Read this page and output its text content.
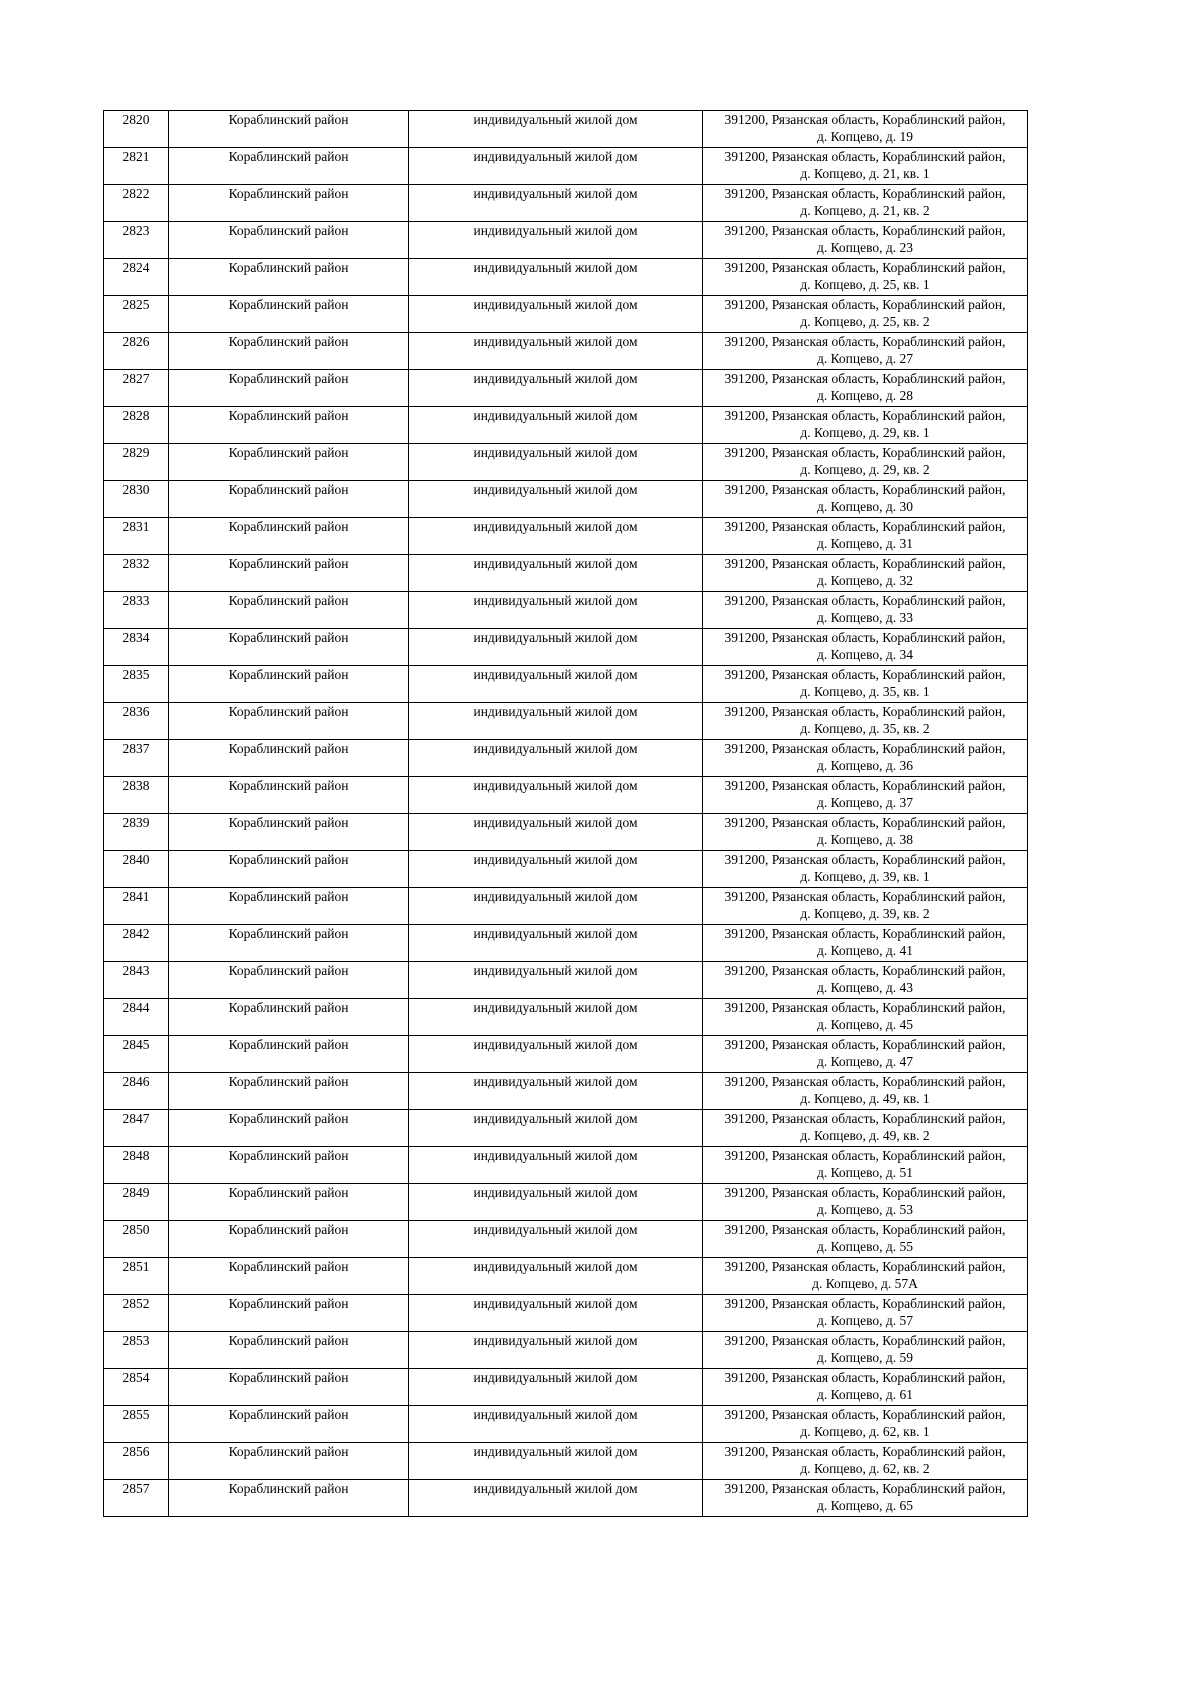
2820	Кораблинский район	индивидуальный жилой дом	391200, Рязанская область, Кораблинский район,
д. Копцево, д. 19
2821	Кораблинский район	индивидуальный жилой дом	391200, Рязанская область, Кораблинский район,
д. Копцево, д. 21, кв. 1
2822	Кораблинский район	индивидуальный жилой дом	391200, Рязанская область, Кораблинский район,
д. Копцево, д. 21, кв. 2
2823	Кораблинский район	индивидуальный жилой дом	391200, Рязанская область, Кораблинский район,
д. Копцево, д. 23
2824	Кораблинский район	индивидуальный жилой дом	391200, Рязанская область, Кораблинский район,
д. Копцево, д. 25, кв. 1
2825	Кораблинский район	индивидуальный жилой дом	391200, Рязанская область, Кораблинский район,
д. Копцево, д. 25, кв. 2
2826	Кораблинский район	индивидуальный жилой дом	391200, Рязанская область, Кораблинский район,
д. Копцево, д. 27
2827	Кораблинский район	индивидуальный жилой дом	391200, Рязанская область, Кораблинский район,
д. Копцево, д. 28
2828	Кораблинский район	индивидуальный жилой дом	391200, Рязанская область, Кораблинский район,
д. Копцево, д. 29, кв. 1
2829	Кораблинский район	индивидуальный жилой дом	391200, Рязанская область, Кораблинский район,
д. Копцево, д. 29, кв. 2
2830	Кораблинский район	индивидуальный жилой дом	391200, Рязанская область, Кораблинский район,
д. Копцево, д. 30
2831	Кораблинский район	индивидуальный жилой дом	391200, Рязанская область, Кораблинский район,
д. Копцево, д. 31
2832	Кораблинский район	индивидуальный жилой дом	391200, Рязанская область, Кораблинский район,
д. Копцево, д. 32
2833	Кораблинский район	индивидуальный жилой дом	391200, Рязанская область, Кораблинский район,
д. Копцево, д. 33
2834	Кораблинский район	индивидуальный жилой дом	391200, Рязанская область, Кораблинский район,
д. Копцево, д. 34
2835	Кораблинский район	индивидуальный жилой дом	391200, Рязанская область, Кораблинский район,
д. Копцево, д. 35, кв. 1
2836	Кораблинский район	индивидуальный жилой дом	391200, Рязанская область, Кораблинский район,
д. Копцево, д. 35, кв. 2
2837	Кораблинский район	индивидуальный жилой дом	391200, Рязанская область, Кораблинский район,
д. Копцево, д. 36
2838	Кораблинский район	индивидуальный жилой дом	391200, Рязанская область, Кораблинский район,
д. Копцево, д. 37
2839	Кораблинский район	индивидуальный жилой дом	391200, Рязанская область, Кораблинский район,
д. Копцево, д. 38
2840	Кораблинский район	индивидуальный жилой дом	391200, Рязанская область, Кораблинский район,
д. Копцево, д. 39, кв. 1
2841	Кораблинский район	индивидуальный жилой дом	391200, Рязанская область, Кораблинский район,
д. Копцево, д. 39, кв. 2
2842	Кораблинский район	индивидуальный жилой дом	391200, Рязанская область, Кораблинский район,
д. Копцево, д. 41
2843	Кораблинский район	индивидуальный жилой дом	391200, Рязанская область, Кораблинский район,
д. Копцево, д. 43
2844	Кораблинский район	индивидуальный жилой дом	391200, Рязанская область, Кораблинский район,
д. Копцево, д. 45
2845	Кораблинский район	индивидуальный жилой дом	391200, Рязанская область, Кораблинский район,
д. Копцево, д. 47
2846	Кораблинский район	индивидуальный жилой дом	391200, Рязанская область, Кораблинский район,
д. Копцево, д. 49, кв. 1
2847	Кораблинский район	индивидуальный жилой дом	391200, Рязанская область, Кораблинский район,
д. Копцево, д. 49, кв. 2
2848	Кораблинский район	индивидуальный жилой дом	391200, Рязанская область, Кораблинский район,
д. Копцево, д. 51
2849	Кораблинский район	индивидуальный жилой дом	391200, Рязанская область, Кораблинский район,
д. Копцево, д. 53
2850	Кораблинский район	индивидуальный жилой дом	391200, Рязанская область, Кораблинский район,
д. Копцево, д. 55
2851	Кораблинский район	индивидуальный жилой дом	391200, Рязанская область, Кораблинский район,
д. Копцево, д. 57А
2852	Кораблинский район	индивидуальный жилой дом	391200, Рязанская область, Кораблинский район,
д. Копцево, д. 57
2853	Кораблинский район	индивидуальный жилой дом	391200, Рязанская область, Кораблинский район,
д. Копцево, д. 59
2854	Кораблинский район	индивидуальный жилой дом	391200, Рязанская область, Кораблинский район,
д. Копцево, д. 61
2855	Кораблинский район	индивидуальный жилой дом	391200, Рязанская область, Кораблинский район,
д. Копцево, д. 62, кв. 1
2856	Кораблинский район	индивидуальный жилой дом	391200, Рязанская область, Кораблинский район,
д. Копцево, д. 62, кв. 2
2857	Кораблинский район	индивидуальный жилой дом	391200, Рязанская область, Кораблинский район,
д. Копцево, д. 65
